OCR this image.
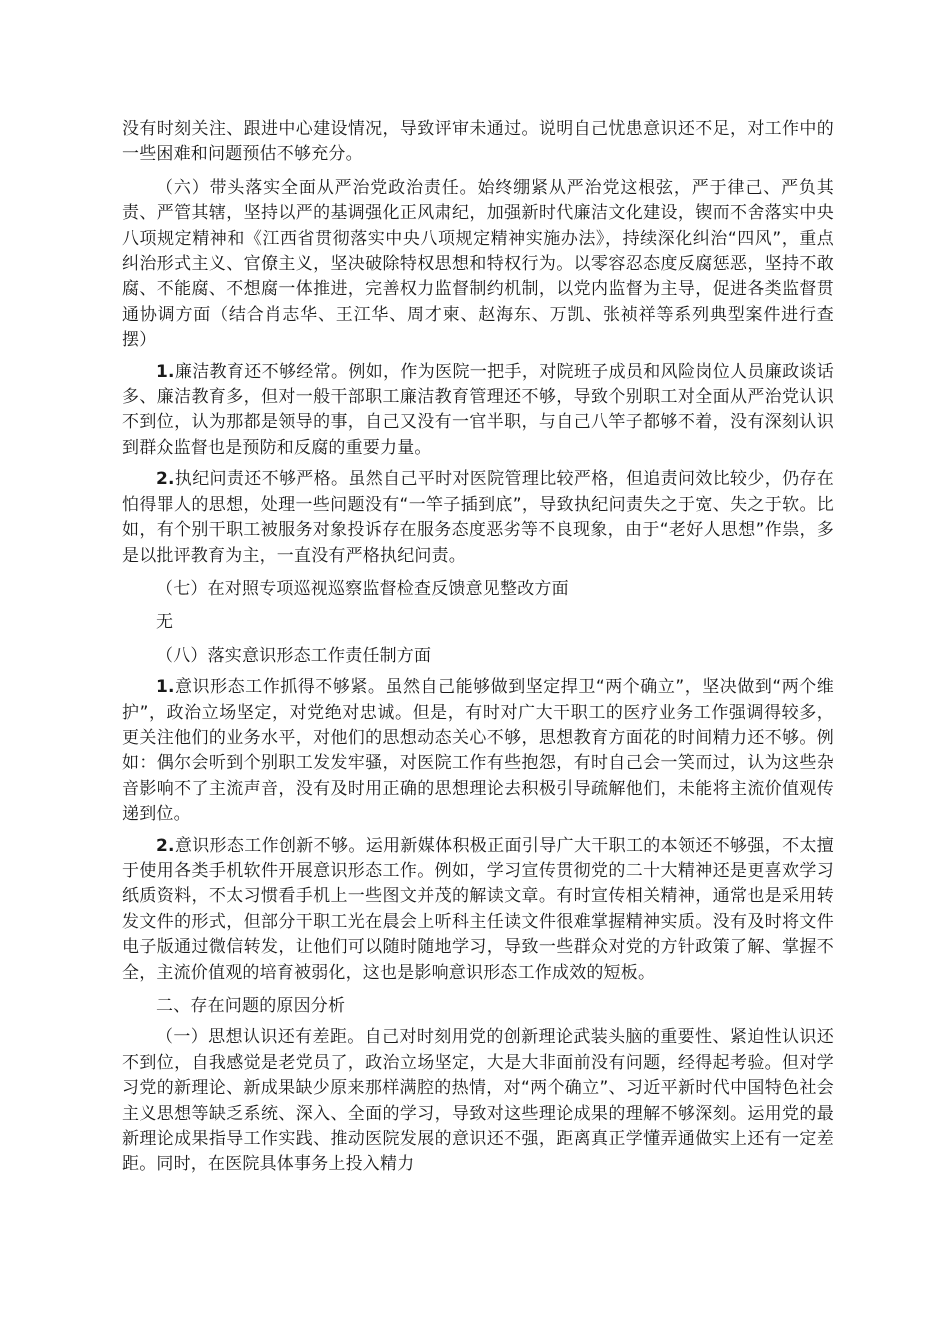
没有时刻关注、跟进中心建设情况，导致评审未通过。说明自己忧患意识还不足，对工作中的一些困难和问题预估不够充分。

（六）带头落实全面从严治党政治责任。始终绷紧从严治党这根弦，严于律己、严负其责、严管其辖，坚持以严的基调强化正风肃纪，加强新时代廉洁文化建设，锲而不舍落实中央八项规定精神和《江西省贯彻落实中央八项规定精神实施办法》，持续深化纠治“四风”，重点纠治形式主义、官僚主义，坚决破除特权思想和特权行为。以零容忍态度反腐惩恶，坚持不敢腐、不能腐、不想腐一体推进，完善权力监督制约机制，以党内监督为主导，促进各类监督贯通协调方面（结合肖志华、王江华、周才柬、赵海东、万凯、张祯祥等系列典型案件进行查摆）

1.廉洁教育还不够经常。例如，作为医院一把手，对院班子成员和风险岗位人员廉政谈话多、廉洁教育多，但对一般干部职工廉洁教育管理还不够，导致个别职工对全面从严治党认识不到位，认为那都是领导的事，自己又没有一官半职，与自己八竿子都够不着，没有深刻认识到群众监督也是预防和反腐的重要力量。

2.执纪问责还不够严格。虽然自己平时对医院管理比较严格，但追责问效比较少，仍存在怕得罪人的思想，处理一些问题没有“一竿子插到底”，导致执纪问责失之于宽、失之于软。比如，有个别干职工被服务对象投诉存在服务态度恶劣等不良现象，由于“老好人思想”作祟，多是以批评教育为主，一直没有严格执纪问责。

（七）在对照专项巡视巡察监督检查反馈意见整改方面

无

（八）落实意识形态工作责任制方面

1.意识形态工作抓得不够紧。虽然自己能够做到坚定捍卫“两个确立”，坚决做到“两个维护”，政治立场坚定，对党绝对忠诚。但是，有时对广大干职工的医疗业务工作强调得较多，更关注他们的业务水平，对他们的思想动态关心不够，思想教育方面花的时间精力还不够。例如：偶尔会听到个别职工发发牢骚，对医院工作有些抱怨，有时自己会一笑而过，认为这些杂音影响不了主流声音，没有及时用正确的思想理论去积极引导疏解他们，未能将主流价值观传递到位。

2.意识形态工作创新不够。运用新媒体积极正面引导广大干职工的本领还不够强，不太擅于使用各类手机软件开展意识形态工作。例如，学习宣传贯彻党的二十大精神还是更喜欢学习纸质资料，不太习惯看手机上一些图文并茂的解读文章。有时宣传相关精神，通常也是采用转发文件的形式，但部分干职工光在晨会上听科主任读文件很难掌握精神实质。没有及时将文件电子版通过微信转发，让他们可以随时随地学习，导致一些群众对党的方针政策了解、掌握不全，主流价值观的培育被弱化，这也是影响意识形态工作成效的短板。

二、存在问题的原因分析

（一）思想认识还有差距。自己对时刻用党的创新理论武装头脑的重要性、紧迫性认识还不到位，自我感觉是老党员了，政治立场坚定，大是大非面前没有问题，经得起考验。但对学习党的新理论、新成果缺少原来那样满腔的热情，对“两个确立”、习近平新时代中国特色社会主义思想等缺乏系统、深入、全面的学习，导致对这些理论成果的理解不够深刻。运用党的最新理论成果指导工作实践、推动医院发展的意识还不强，距离真正学懂弄通做实上还有一定差距。同时，在医院具体事务上投入精力
